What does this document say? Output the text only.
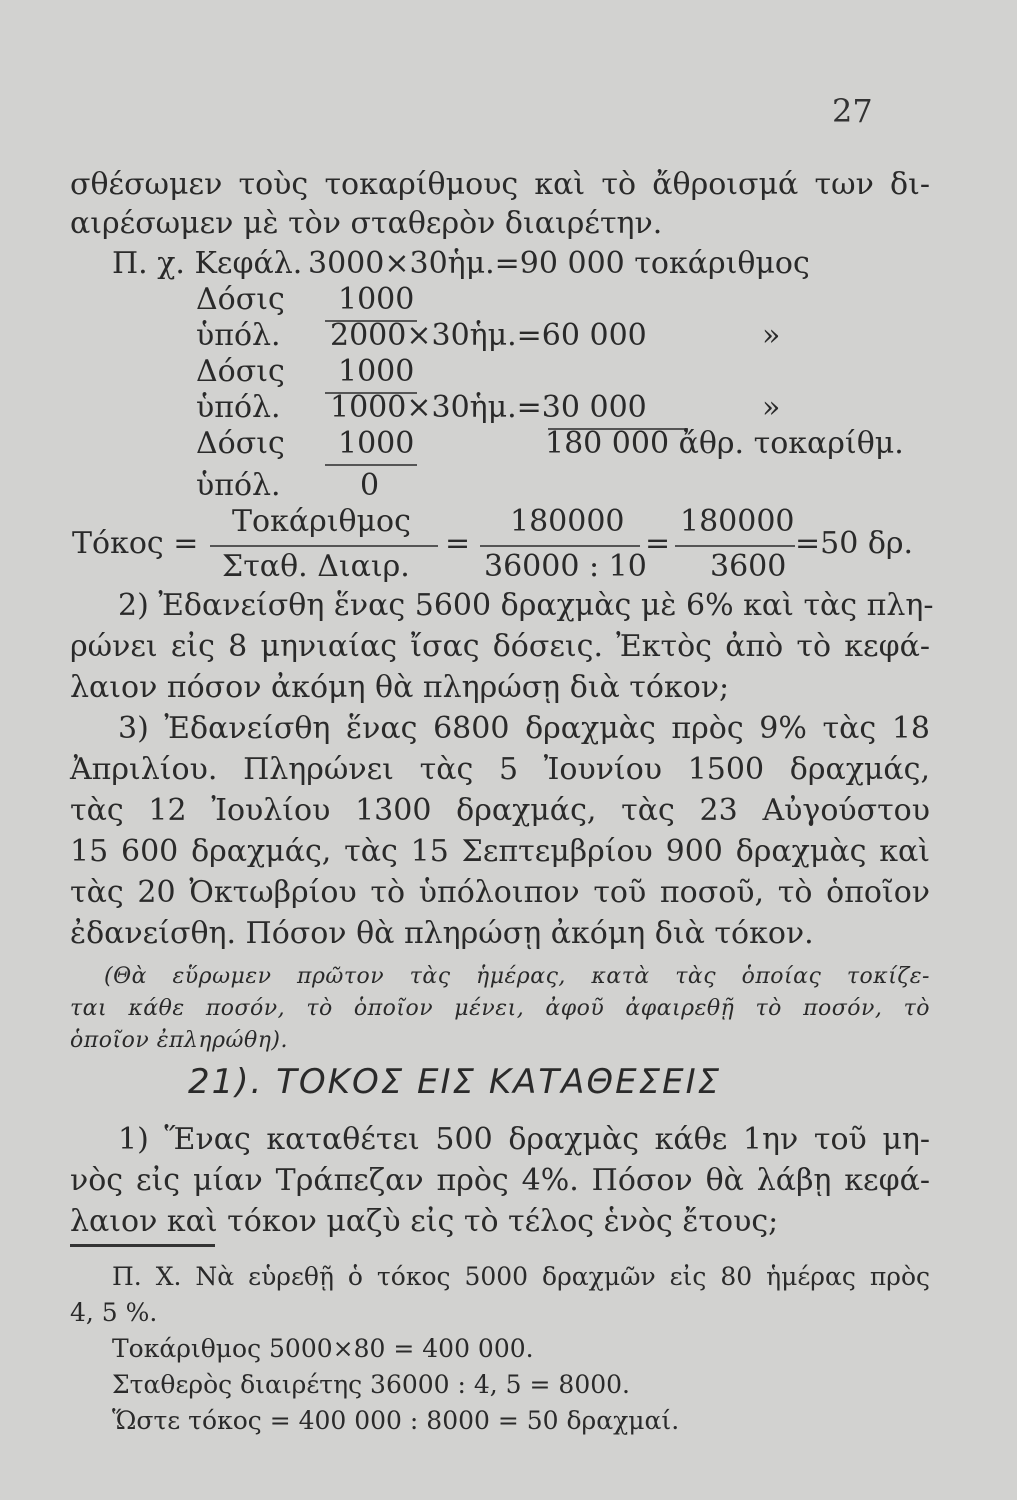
27
σθέσωμεν τοὺς τοκαρίθμους καὶ τὸ ἄθροισμά των δι-
αιρέσωμεν μὲ τὸν σταθερὸν διαιρέτην.
Π. χ. Κεφάλ. 3000×30ἡμ.=90 000 τοκάριθμος
Δόσις 1000
ὑπόλ. 2000×30ἡμ.=60 000	»
Δόσις 1000
ὑπόλ. 1000×30ἡμ.=30 000	»
Δόσις 1000	180 000 ἄθρ. τοκαρίθμ.
ὑπόλ.	0
Τόκος =
Τοκάριθμος
Σταθ. Διαιρ.
=
180000
36000 : 10
=
180000
3600
=50 δρ.
2) Ἐδανείσθη ἕνας 5600 δραχμὰς μὲ 6% καὶ τὰς πλη-
ρώνει εἰς 8 μηνιαίας ἴσας δόσεις. Ἐκτὸς ἀπὸ τὸ κεφά-
λαιον πόσον ἀκόμη θὰ πληρώσῃ διὰ τόκον;
3) Ἐδανείσθη ἕνας 6800 δραχμὰς πρὸς 9% τὰς 18
Ἀπριλίου. Πληρώνει τὰς 5 Ἰουνίου 1500 δραχμάς,
τὰς 12 Ἰουλίου 1300 δραχμάς, τὰς 23 Αὐγούστου
15 600 δραχμάς, τὰς 15 Σεπτεμβρίου 900 δραχμὰς καὶ
τὰς 20 Ὀκτωβρίου τὸ ὑπόλοιπον τοῦ ποσοῦ, τὸ ὁποῖον
ἐδανείσθη. Πόσον θὰ πληρώσῃ ἀκόμη διὰ τόκον.
(Θὰ εὕρωμεν πρῶτον τὰς ἡμέρας, κατὰ τὰς ὁποίας τοκίζε-
ται κάθε ποσόν, τὸ ὁποῖον μένει, ἀφοῦ ἀφαιρεθῇ τὸ ποσόν, τὸ
ὁποῖον ἐπληρώθη).
21). ΤΟΚΟΣ ΕΙΣ ΚΑΤΑΘΕΣΕΙΣ
1) Ἕνας καταθέτει 500 δραχμὰς κάθε 1ην τοῦ μη-
νὸς εἰς μίαν Τράπεζαν πρὸς 4%. Πόσον θὰ λάβῃ κεφά-
λαιον καὶ τόκον μαζὺ εἰς τὸ τέλος ἑνὸς ἔτους;
Π. Χ. Νὰ εὑρεθῇ ὁ τόκος 5000 δραχμῶν εἰς 80 ἡμέρας πρὸς
4, 5 %.
Τοκάριθμος 5000×80 = 400 000.
Σταθερὸς διαιρέτης 36000 : 4, 5 = 8000.
Ὥστε τόκος = 400 000 : 8000 = 50 δραχμαί.
